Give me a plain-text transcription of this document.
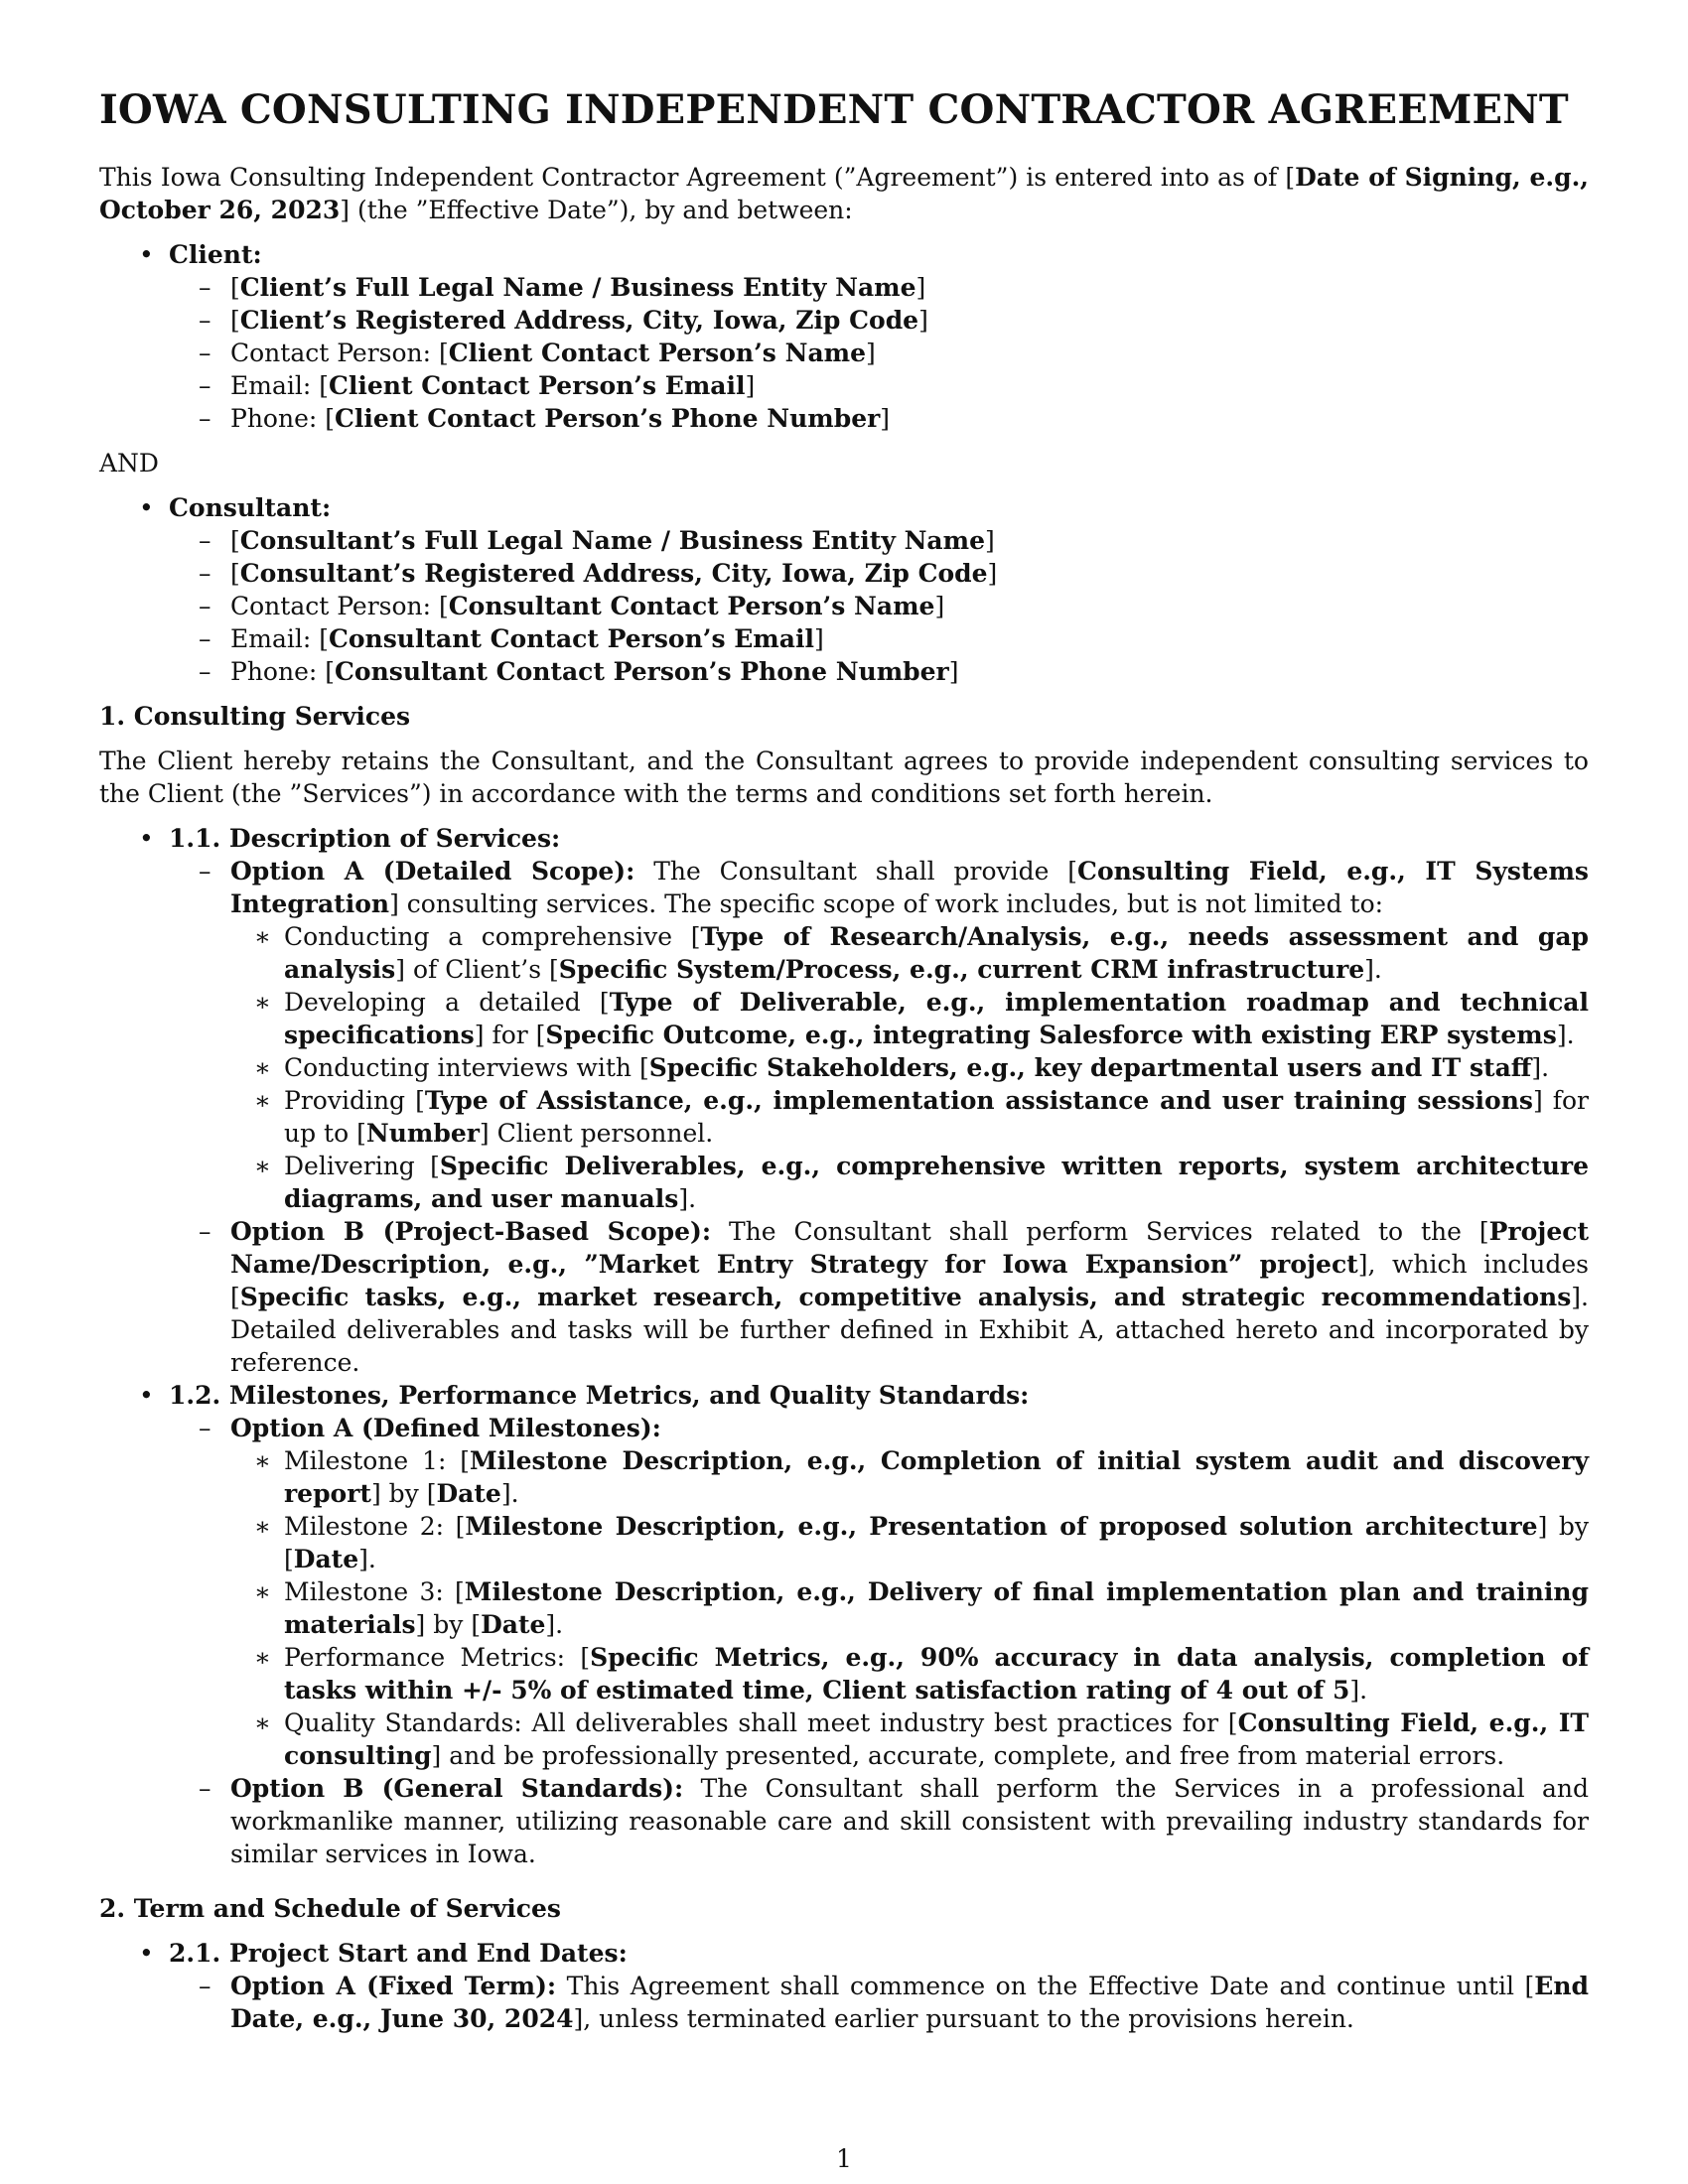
IOWA CONSULTING INDEPENDENT CONTRACTOR AGREEMENT

This Iowa Consulting Independent Contractor Agreement (”Agreement”) is entered into as of [Date of Signing, e.g., October 26, 2023] (the ”Effective Date”), by and between:

• Client:
– [Client’s Full Legal Name / Business Entity Name]
– [Client’s Registered Address, City, Iowa, Zip Code]
– Contact Person: [Client Contact Person’s Name]
– Email: [Client Contact Person’s Email]
– Phone: [Client Contact Person’s Phone Number]

AND

• Consultant:
– [Consultant’s Full Legal Name / Business Entity Name]
– [Consultant’s Registered Address, City, Iowa, Zip Code]
– Contact Person: [Consultant Contact Person’s Name]
– Email: [Consultant Contact Person’s Email]
– Phone: [Consultant Contact Person’s Phone Number]

1. Consulting Services

The Client hereby retains the Consultant, and the Consultant agrees to provide independent consulting services to the Client (the ”Services”) in accordance with the terms and conditions set forth herein.

• 1.1. Description of Services:

– Option A (Detailed Scope): The Consultant shall provide [Consulting Field, e.g., IT Systems Integration] consulting services. The specific scope of work includes, but is not limited to:

∗ Conducting a comprehensive [Type of Research/Analysis, e.g., needs assessment and gap analysis] of Client’s [Specific System/Process, e.g., current CRM infrastructure].

∗ Developing a detailed [Type of Deliverable, e.g., implementation roadmap and technical specifications] for [Specific Outcome, e.g., integrating Salesforce with existing ERP systems].

∗ Conducting interviews with [Specific Stakeholders, e.g., key departmental users and IT staff].

∗ Providing [Type of Assistance, e.g., implementation assistance and user training sessions] for up to [Number] Client personnel.

∗ Delivering [Specific Deliverables, e.g., comprehensive written reports, system architecture diagrams, and user manuals].

– Option B (Project-Based Scope): The Consultant shall perform Services related to the [Project Name/Description, e.g., ”Market Entry Strategy for Iowa Expansion” project], which includes [Specific tasks, e.g., market research, competitive analysis, and strategic recommendations]. Detailed deliverables and tasks will be further defined in Exhibit A, attached hereto and incorporated by reference.

• 1.2. Milestones, Performance Metrics, and Quality Standards:
– Option A (Defined Milestones):

∗ Milestone 1: [Milestone Description, e.g., Completion of initial system audit and discovery report] by [Date].

∗ Milestone 2: [Milestone Description, e.g., Presentation of proposed solution architecture] by [Date].

∗ Milestone 3: [Milestone Description, e.g., Delivery of final implementation plan and training materials] by [Date].

∗ Performance Metrics: [Specific Metrics, e.g., 90% accuracy in data analysis, completion of tasks within +/- 5% of estimated time, Client satisfaction rating of 4 out of 5].

∗ Quality Standards: All deliverables shall meet industry best practices for [Consulting Field, e.g., IT consulting] and be professionally presented, accurate, complete, and free from material errors.

– Option B (General Standards): The Consultant shall perform the Services in a professional and workmanlike manner, utilizing reasonable care and skill consistent with prevailing industry standards for similar services in Iowa.

2. Term and Schedule of Services

• 2.1. Project Start and End Dates:

– Option A (Fixed Term): This Agreement shall commence on the Effective Date and continue until [End Date, e.g., June 30, 2024], unless terminated earlier pursuant to the provisions herein.

1
